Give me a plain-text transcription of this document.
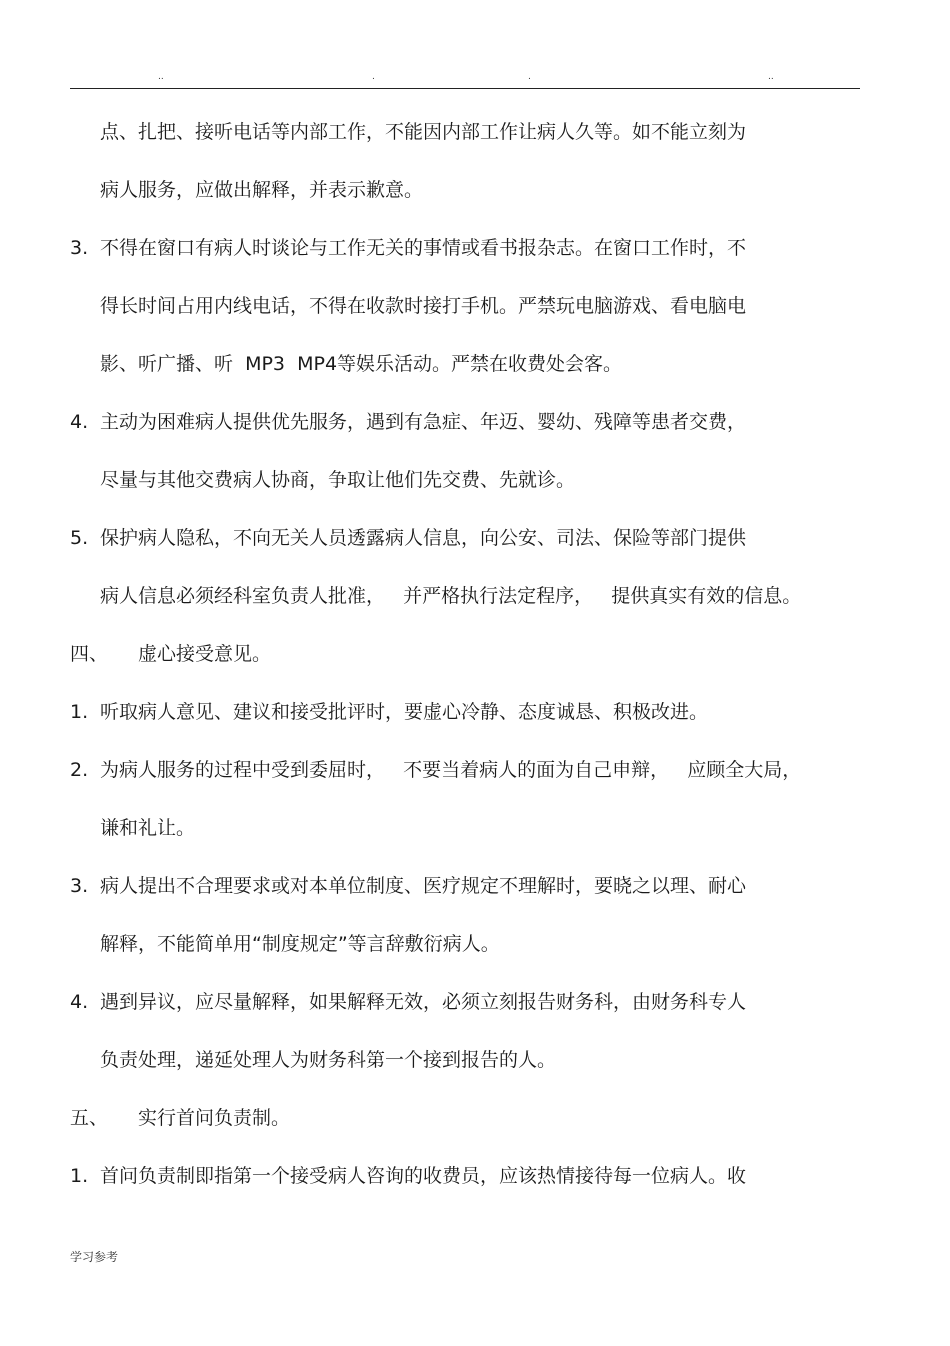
..	.	.	..
点、扎把、接听电话等内部工作，不能因内部工作让病人久等。如不能立刻为
病人服务，应做出解释，并表示歉意。
3. 不得在窗口有病人时谈论与工作无关的事情或看书报杂志。在窗口工作时，不
得长时间占用内线电话，不得在收款时接打手机。严禁玩电脑游戏、看电脑电
影、听广播、听  MP3  MP4等娱乐活动。严禁在收费处会客。
4. 主动为困难病人提供优先服务，遇到有急症、年迈、婴幼、残障等患者交费，
尽量与其他交费病人协商，争取让他们先交费、先就诊。
5. 保护病人隐私，不向无关人员透露病人信息，向公安、司法、保险等部门提供
病人信息必须经科室负责人批准，   并严格执行法定程序，   提供真实有效的信息。
四、 虚心接受意见。
1. 听取病人意见、建议和接受批评时，要虚心冷静、态度诚恳、积极改进。
2. 为病人服务的过程中受到委屈时，   不要当着病人的面为自己申辩，   应顾全大局，
谦和礼让。
3. 病人提出不合理要求或对本单位制度、医疗规定不理解时，要晓之以理、耐心
解释，不能简单用“制度规定”等言辞敷衍病人。
4. 遇到异议，应尽量解释，如果解释无效，必须立刻报告财务科，由财务科专人
负责处理，递延处理人为财务科第一个接到报告的人。
五、 实行首问负责制。
1. 首问负责制即指第一个接受病人咨询的收费员，应该热情接待每一位病人。收
学习参考
